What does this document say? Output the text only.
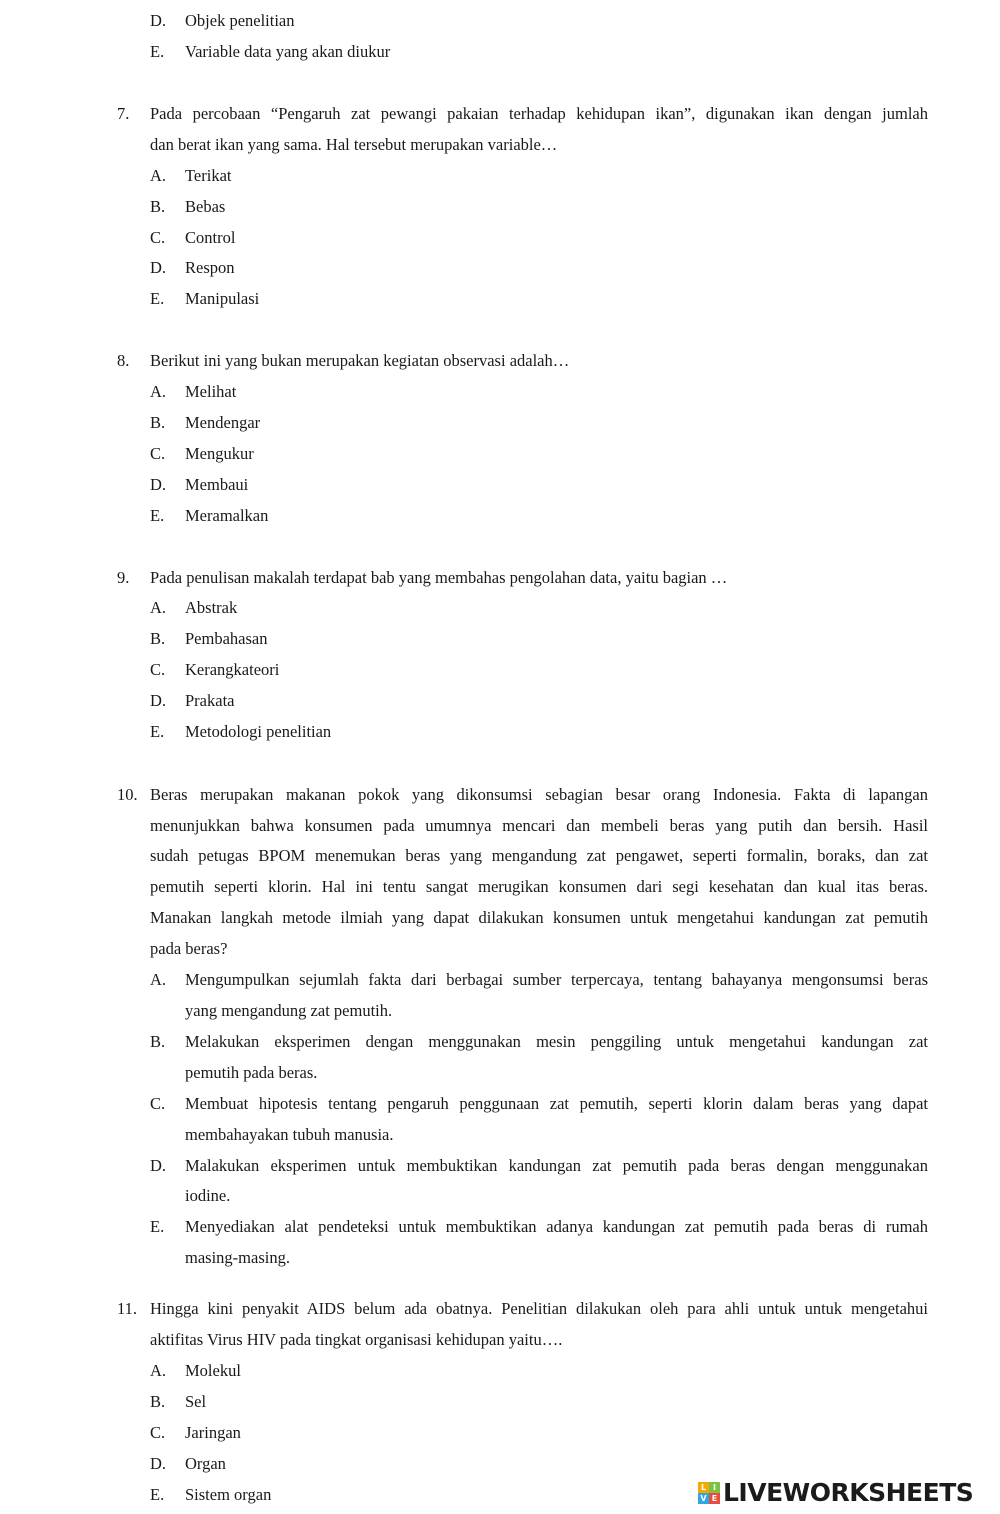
D. Objek penelitian
E. Variable data yang akan diukur
7. Pada percobaan “Pengaruh zat pewangi pakaian terhadap kehidupan ikan”, digunakan ikan dengan jumlah
dan berat ikan yang sama. Hal tersebut merupakan variable…
A. Terikat
B. Bebas
C. Control
D. Respon
E. Manipulasi
8. Berikut ini yang bukan merupakan kegiatan observasi adalah…
A. Melihat
B. Mendengar
C. Mengukur
D. Membaui
E. Meramalkan
9. Pada penulisan makalah terdapat bab yang membahas pengolahan data, yaitu bagian …
A. Abstrak
B. Pembahasan
C. Kerangkateori
D. Prakata
E. Metodologi penelitian
10. Beras merupakan makanan pokok yang dikonsumsi sebagian besar orang Indonesia. Fakta di lapangan
menunjukkan bahwa konsumen pada umumnya mencari dan membeli beras yang putih dan bersih. Hasil
sudah petugas BPOM menemukan beras yang mengandung zat pengawet, seperti formalin, boraks, dan zat
pemutih seperti klorin. Hal ini tentu sangat merugikan konsumen dari segi kesehatan dan kual itas beras.
Manakan langkah metode ilmiah yang dapat dilakukan konsumen untuk mengetahui kandungan zat pemutih
pada beras?
A. Mengumpulkan sejumlah fakta dari berbagai sumber terpercaya, tentang bahayanya mengonsumsi beras
yang mengandung zat pemutih.
B. Melakukan eksperimen dengan menggunakan mesin penggiling untuk mengetahui kandungan zat
pemutih pada beras.
C. Membuat hipotesis tentang pengaruh penggunaan zat pemutih, seperti klorin dalam beras yang dapat
membahayakan tubuh manusia.
D. Malakukan eksperimen untuk membuktikan kandungan zat pemutih pada beras dengan menggunakan
iodine.
E. Menyediakan alat pendeteksi untuk membuktikan adanya kandungan zat pemutih pada beras di rumah
masing-masing.
11. Hingga kini penyakit AIDS belum ada obatnya. Penelitian dilakukan oleh para ahli untuk untuk mengetahui
aktifitas Virus HIV pada tingkat organisasi kehidupan yaitu….
A. Molekul
B. Sel
C. Jaringan
D. Organ
E. Sistem organ	L I
V E LIVEWORKSHEETS
